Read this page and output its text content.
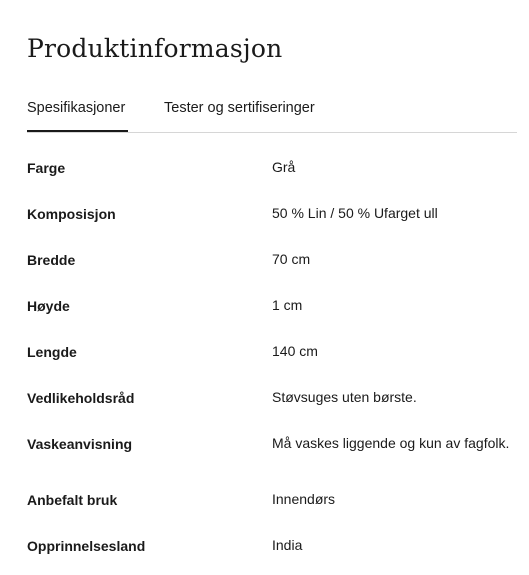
Produktinformasjon
Spesifikasjoner	Tester og sertifiseringer
Farge	Grå
Komposisjon	50 % Lin / 50 % Ufarget ull
Bredde	70 cm
Høyde	1 cm
Lengde	140 cm
Vedlikeholdsråd	Støvsuges uten børste.
Vaskeanvisning	Må vaskes liggende og kun av fagfolk.
Anbefalt bruk	Innendørs
Opprinnelsesland	India
